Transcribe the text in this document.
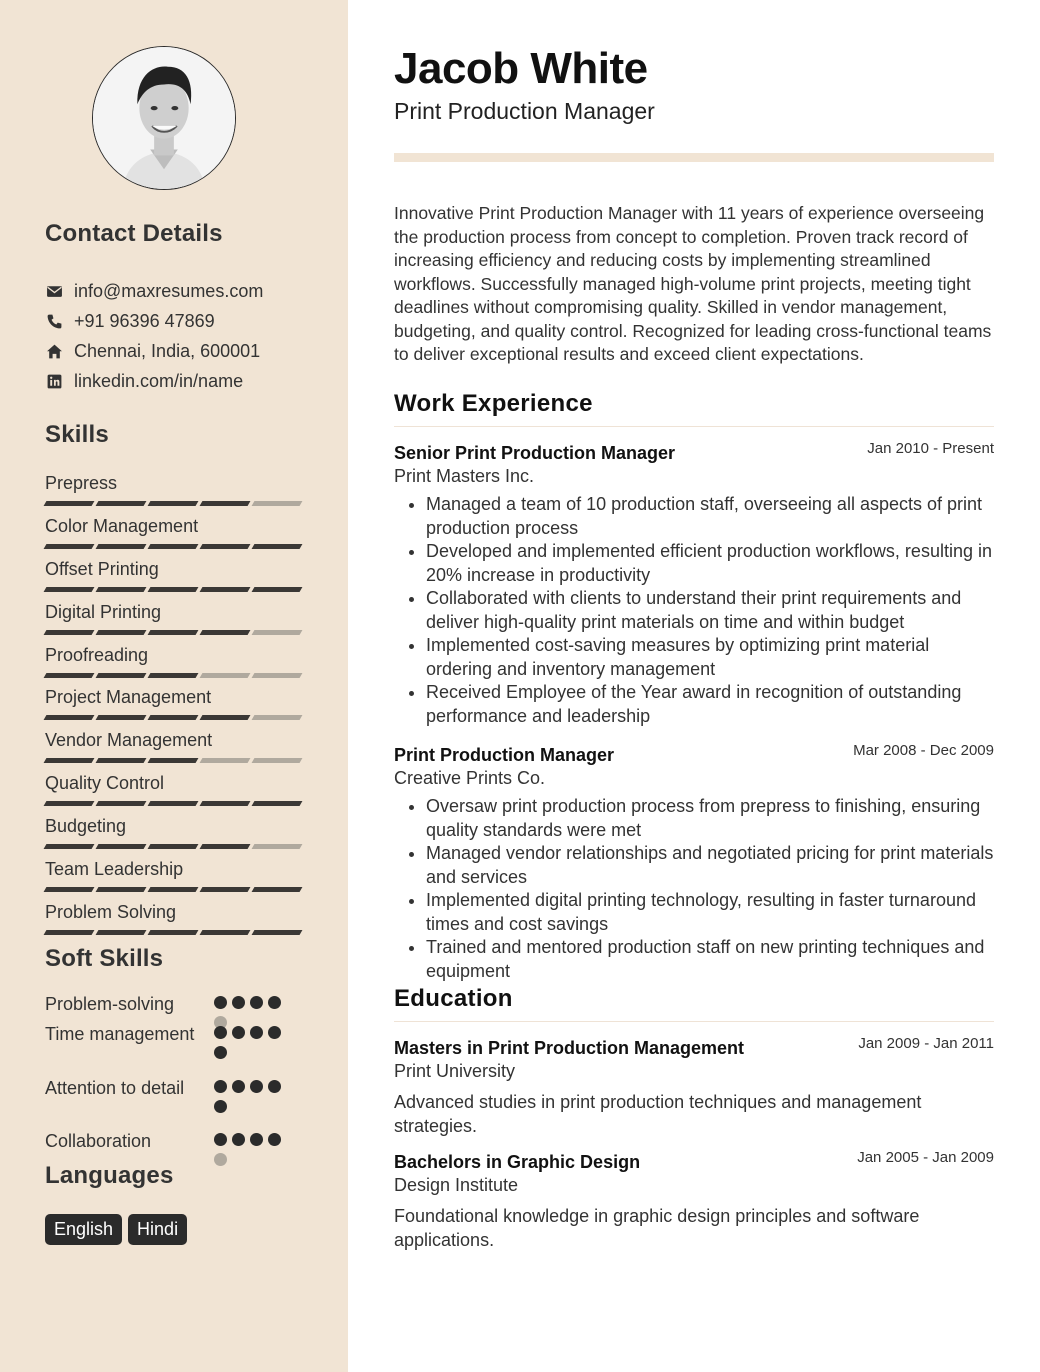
Contact Details
info@maxresumes.com
+91 96396 47869
Chennai, India, 600001
linkedin.com/in/name
Skills
Prepress
Color Management
Offset Printing
Digital Printing
Proofreading
Project Management
Vendor Management
Quality Control
Budgeting
Team Leadership
Problem Solving
Soft Skills
Problem-solving
Time management
Attention to detail
Collaboration
Languages
English	Hindi
Jacob White
Print Production Manager
Innovative Print Production Manager with 11 years of experience overseeing the production process from concept to completion. Proven track record of increasing efficiency and reducing costs by implementing streamlined workflows. Successfully managed high-volume print projects, meeting tight deadlines without compromising quality. Skilled in vendor management, budgeting, and quality control. Recognized for leading cross-functional teams to deliver exceptional results and exceed client expectations.
Work Experience
Senior Print Production Manager	Jan 2010 - Present
Print Masters Inc.
• Managed a team of 10 production staff, overseeing all aspects of print production process
• Developed and implemented efficient production workflows, resulting in 20% increase in productivity
• Collaborated with clients to understand their print requirements and deliver high-quality print materials on time and within budget
• Implemented cost-saving measures by optimizing print material ordering and inventory management
• Received Employee of the Year award in recognition of outstanding performance and leadership
Print Production Manager	Mar 2008 - Dec 2009
Creative Prints Co.
• Oversaw print production process from prepress to finishing, ensuring quality standards were met
• Managed vendor relationships and negotiated pricing for print materials and services
• Implemented digital printing technology, resulting in faster turnaround times and cost savings
• Trained and mentored production staff on new printing techniques and equipment
Education
Masters in Print Production Management	Jan 2009 - Jan 2011
Print University
Advanced studies in print production techniques and management strategies.
Bachelors in Graphic Design	Jan 2005 - Jan 2009
Design Institute
Foundational knowledge in graphic design principles and software applications.
